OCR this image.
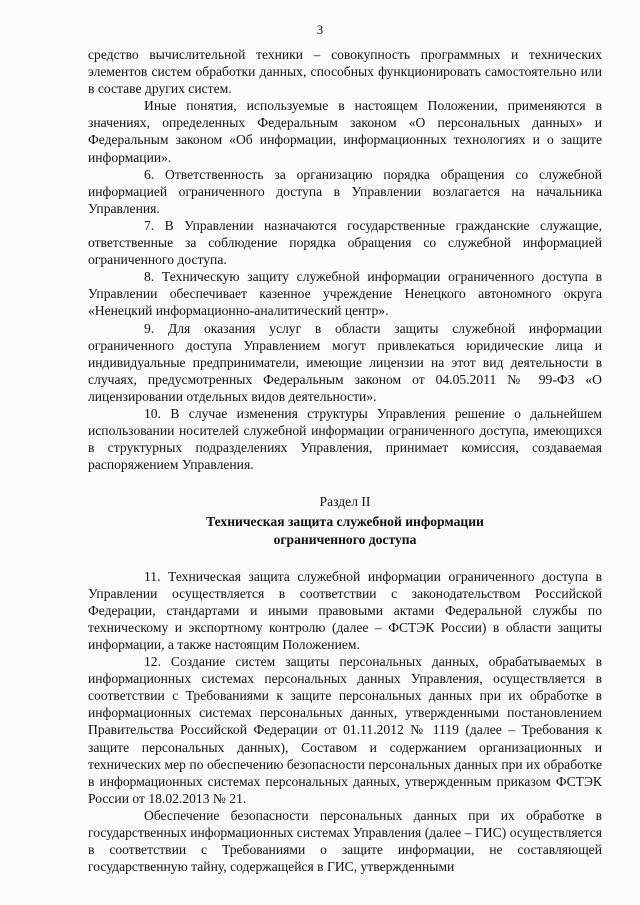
3

средство вычислительной техники – совокупность программных и технических элементов систем обработки данных, способных функционировать самостоятельно или в составе других систем.

Иные понятия, используемые в настоящем Положении, применяются в значениях, определенных Федеральным законом «О персональных данных» и Федеральным законом «Об информации, информационных технологиях и о защите информации».

6. Ответственность за организацию порядка обращения со служебной информацией ограниченного доступа в Управлении возлагается на начальника Управления.

7. В Управлении назначаются государственные гражданские служащие, ответственные за соблюдение порядка обращения со служебной информацией ограниченного доступа.

8. Техническую защиту служебной информации ограниченного доступа в Управлении обеспечивает казенное учреждение Ненецкого автономного округа «Ненецкий информационно-аналитический центр».

9. Для оказания услуг в области защиты служебной информации ограниченного доступа Управлением могут привлекаться юридические лица и индивидуальные предприниматели, имеющие лицензии на этот вид деятельности в случаях, предусмотренных Федеральным законом от 04.05.2011 № 99-ФЗ «О лицензировании отдельных видов деятельности».

10. В случае изменения структуры Управления решение о дальнейшем использовании носителей служебной информации ограниченного доступа, имеющихся в структурных подразделениях Управления, принимает комиссия, создаваемая распоряжением Управления.

Раздел II
Техническая защита служебной информации ограниченного доступа

11. Техническая защита служебной информации ограниченного доступа в Управлении осуществляется в соответствии с законодательством Российской Федерации, стандартами и иными правовыми актами Федеральной службы по техническому и экспортному контролю (далее – ФСТЭК России) в области защиты информации, а также настоящим Положением.

12. Создание систем защиты персональных данных, обрабатываемых в информационных системах персональных данных Управления, осуществляется в соответствии с Требованиями к защите персональных данных при их обработке в информационных системах персональных данных, утвержденными постановлением Правительства Российской Федерации от 01.11.2012 № 1119 (далее – Требования к защите персональных данных), Составом и содержанием организационных и технических мер по обеспечению безопасности персональных данных при их обработке в информационных системах персональных данных, утвержденным приказом ФСТЭК России от 18.02.2013 № 21.

Обеспечение безопасности персональных данных при их обработке в государственных информационных системах Управления (далее – ГИС) осуществляется в соответствии с Требованиями о защите информации, не составляющей государственную тайну, содержащейся в ГИС, утвержденными
